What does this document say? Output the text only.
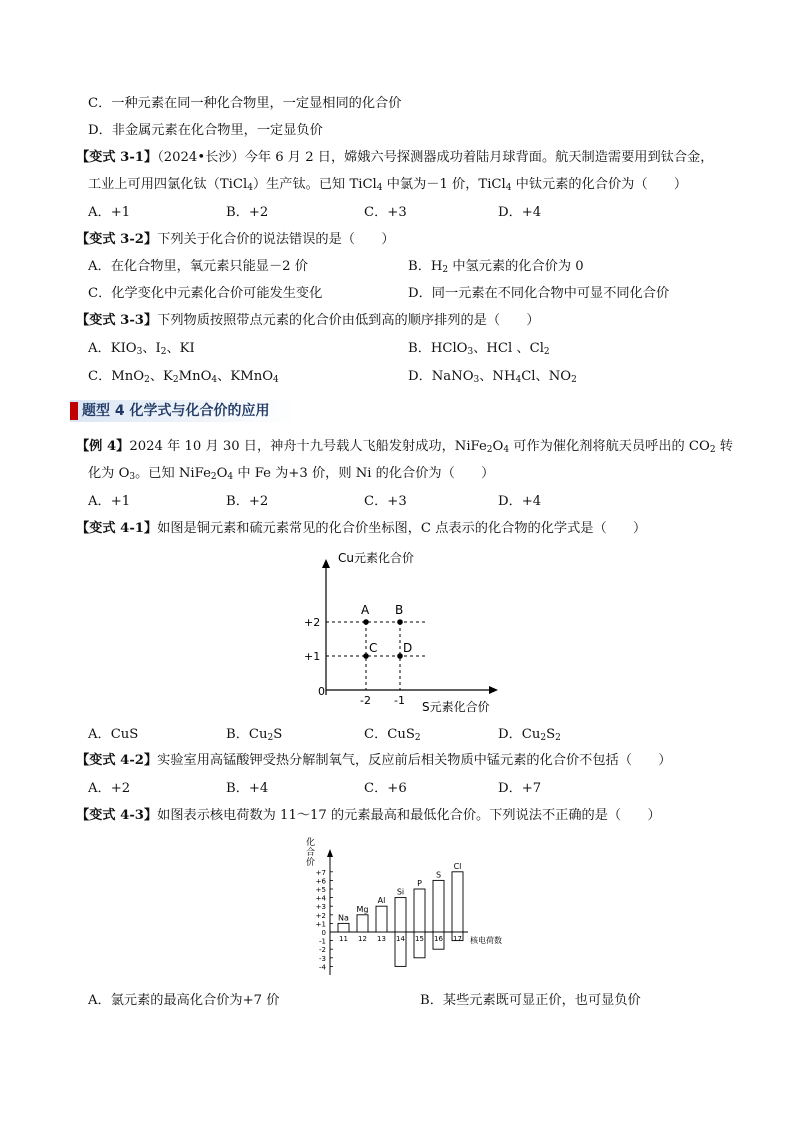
C．一种元素在同一种化合物里，一定显相同的化合价
D．非金属元素在化合物里，一定显负价
【变式 3-1】（2024•长沙）今年 6 月 2 日，嫦娥六号探测器成功着陆月球背面。航天制造需要用到钛合金，
工业上可用四氯化钛（TiCl$_4$）生产钛。已知 TiCl$_4$ 中氯为－1 价，TiCl$_4$ 中钛元素的化合价为（　　）
A．+1	B．+2	C．+3	D．+4
【变式 3-2】下列关于化合价的说法错误的是（　　）
A．在化合物里，氧元素只能显－2 价	B．$H_2$ 中氢元素的化合价为 0
C．化学变化中元素化合价可能发生变化	D．同一元素在不同化合物中可显不同化合价
【变式 3-3】下列物质按照带点元素的化合价由低到高的顺序排列的是（　　）
A．$KIO_3$、$I_2$、KI	B．HClO$_3$、HCl 、$Cl_2$
C．MnO$_2$、$K_2MnO_4$、KMnO$_4$	D．NaNO$_3$、$NH_4Cl$、$NO_2$
题型 4 化学式与化合价的应用
【例 4】2024 年 10 月 30 日，神舟十九号载人飞船发射成功，$NiFe_2O_4$ 可作为催化剂将航天员呼出的 $CO_2$ 转
化为 $O_3$。已知 $NiFe_2O_4$ 中 Fe 为+3 价，则 Ni 的化合价为（　　）
A．+1	B．+2	C．+3	D．+4
【变式 4-1】如图是铜元素和硫元素常见的化合价坐标图，C 点表示的化合物的化学式是（　　）
Cu元素化合价
S元素化合价
0
-2 -1
+2
+1
A B
C D
A．CuS	B．$Cu_2S$	C．CuS$_2$	D．$Cu_2S_2$
【变式 4-2】实验室用高锰酸钾受热分解制氧气，反应前后相关物质中锰元素的化合价不包括（　　）
A．+2	B．+4	C．+6	D．+7
【变式 4-3】如图表示核电荷数为 11～17 的元素最高和最低化合价。下列说法不正确的是（　　）
化
合
价
+7
+6
+5
+4
+3
+2
+1
0
-1
-2
-3
-4
Na
11
Mg
12
Al
13
Si
14
P
15
S
16
Cl
17 核电荷数
A．氯元素的最高化合价为+7 价	B．某些元素既可显正价，也可显负价
